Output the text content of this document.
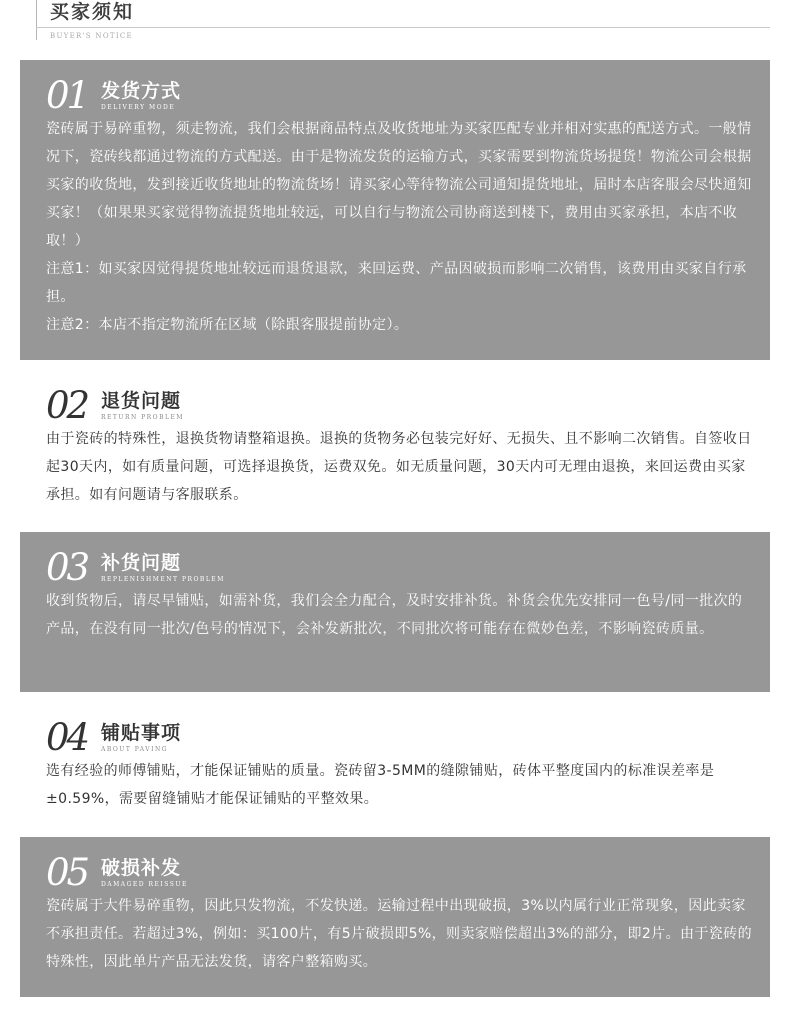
买家须知
BUYER'S NOTICE
01 发货方式
DELIVERY MODE

瓷砖属于易碎重物，须走物流，我们会根据商品特点及收货地址为买家匹配专业并相对实惠的配送方式。一般情况下，瓷砖线都通过物流的方式配送。由于是物流发货的运输方式，买家需要到物流货场提货！物流公司会根据买家的收货地，发到接近收货地址的物流货场！请买家心等待物流公司通知提货地址，届时本店客服会尽快通知买家！（如果果买家觉得物流提货地址较远，可以自行与物流公司协商送到楼下，费用由买家承担，本店不收取！）

注意1：如买家因觉得提货地址较远而退货退款，来回运费、产品因破损而影响二次销售，该费用由买家自行承担。

注意2：本店不指定物流所在区域（除跟客服提前协定）。

02 退货问题
RETURN PROBLEM

由于瓷砖的特殊性，退换货物请整箱退换。退换的货物务必包装完好好、无损失、且不影响二次销售。自签收日起30天内，如有质量问题，可选择退换货，运费双免。如无质量问题，30天内可无理由退换，来回运费由买家承担。如有问题请与客服联系。

03 补货问题
REPLENISHMENT PROBLEM

收到货物后，请尽早铺贴，如需补货，我们会全力配合，及时安排补货。补货会优先安排同一色号/同一批次的产品，在没有同一批次/色号的情况下，会补发新批次，不同批次将可能存在微妙色差，不影响瓷砖质量。

04 铺贴事项
ABOUT PAVING

选有经验的师傅铺贴，才能保证铺贴的质量。瓷砖留3-5MM的缝隙铺贴，砖体平整度国内的标准误差率是±0.59%，需要留缝铺贴才能保证铺贴的平整效果。

05 破损补发
DAMAGED REISSUE

瓷砖属于大件易碎重物，因此只发物流，不发快递。运输过程中出现破损，3%以内属行业正常现象，因此卖家不承担责任。若超过3%，例如：买100片，有5片破损即5%，则卖家赔偿超出3%的部分，即2片。由于瓷砖的特殊性，因此单片产品无法发货，请客户整箱购买。
